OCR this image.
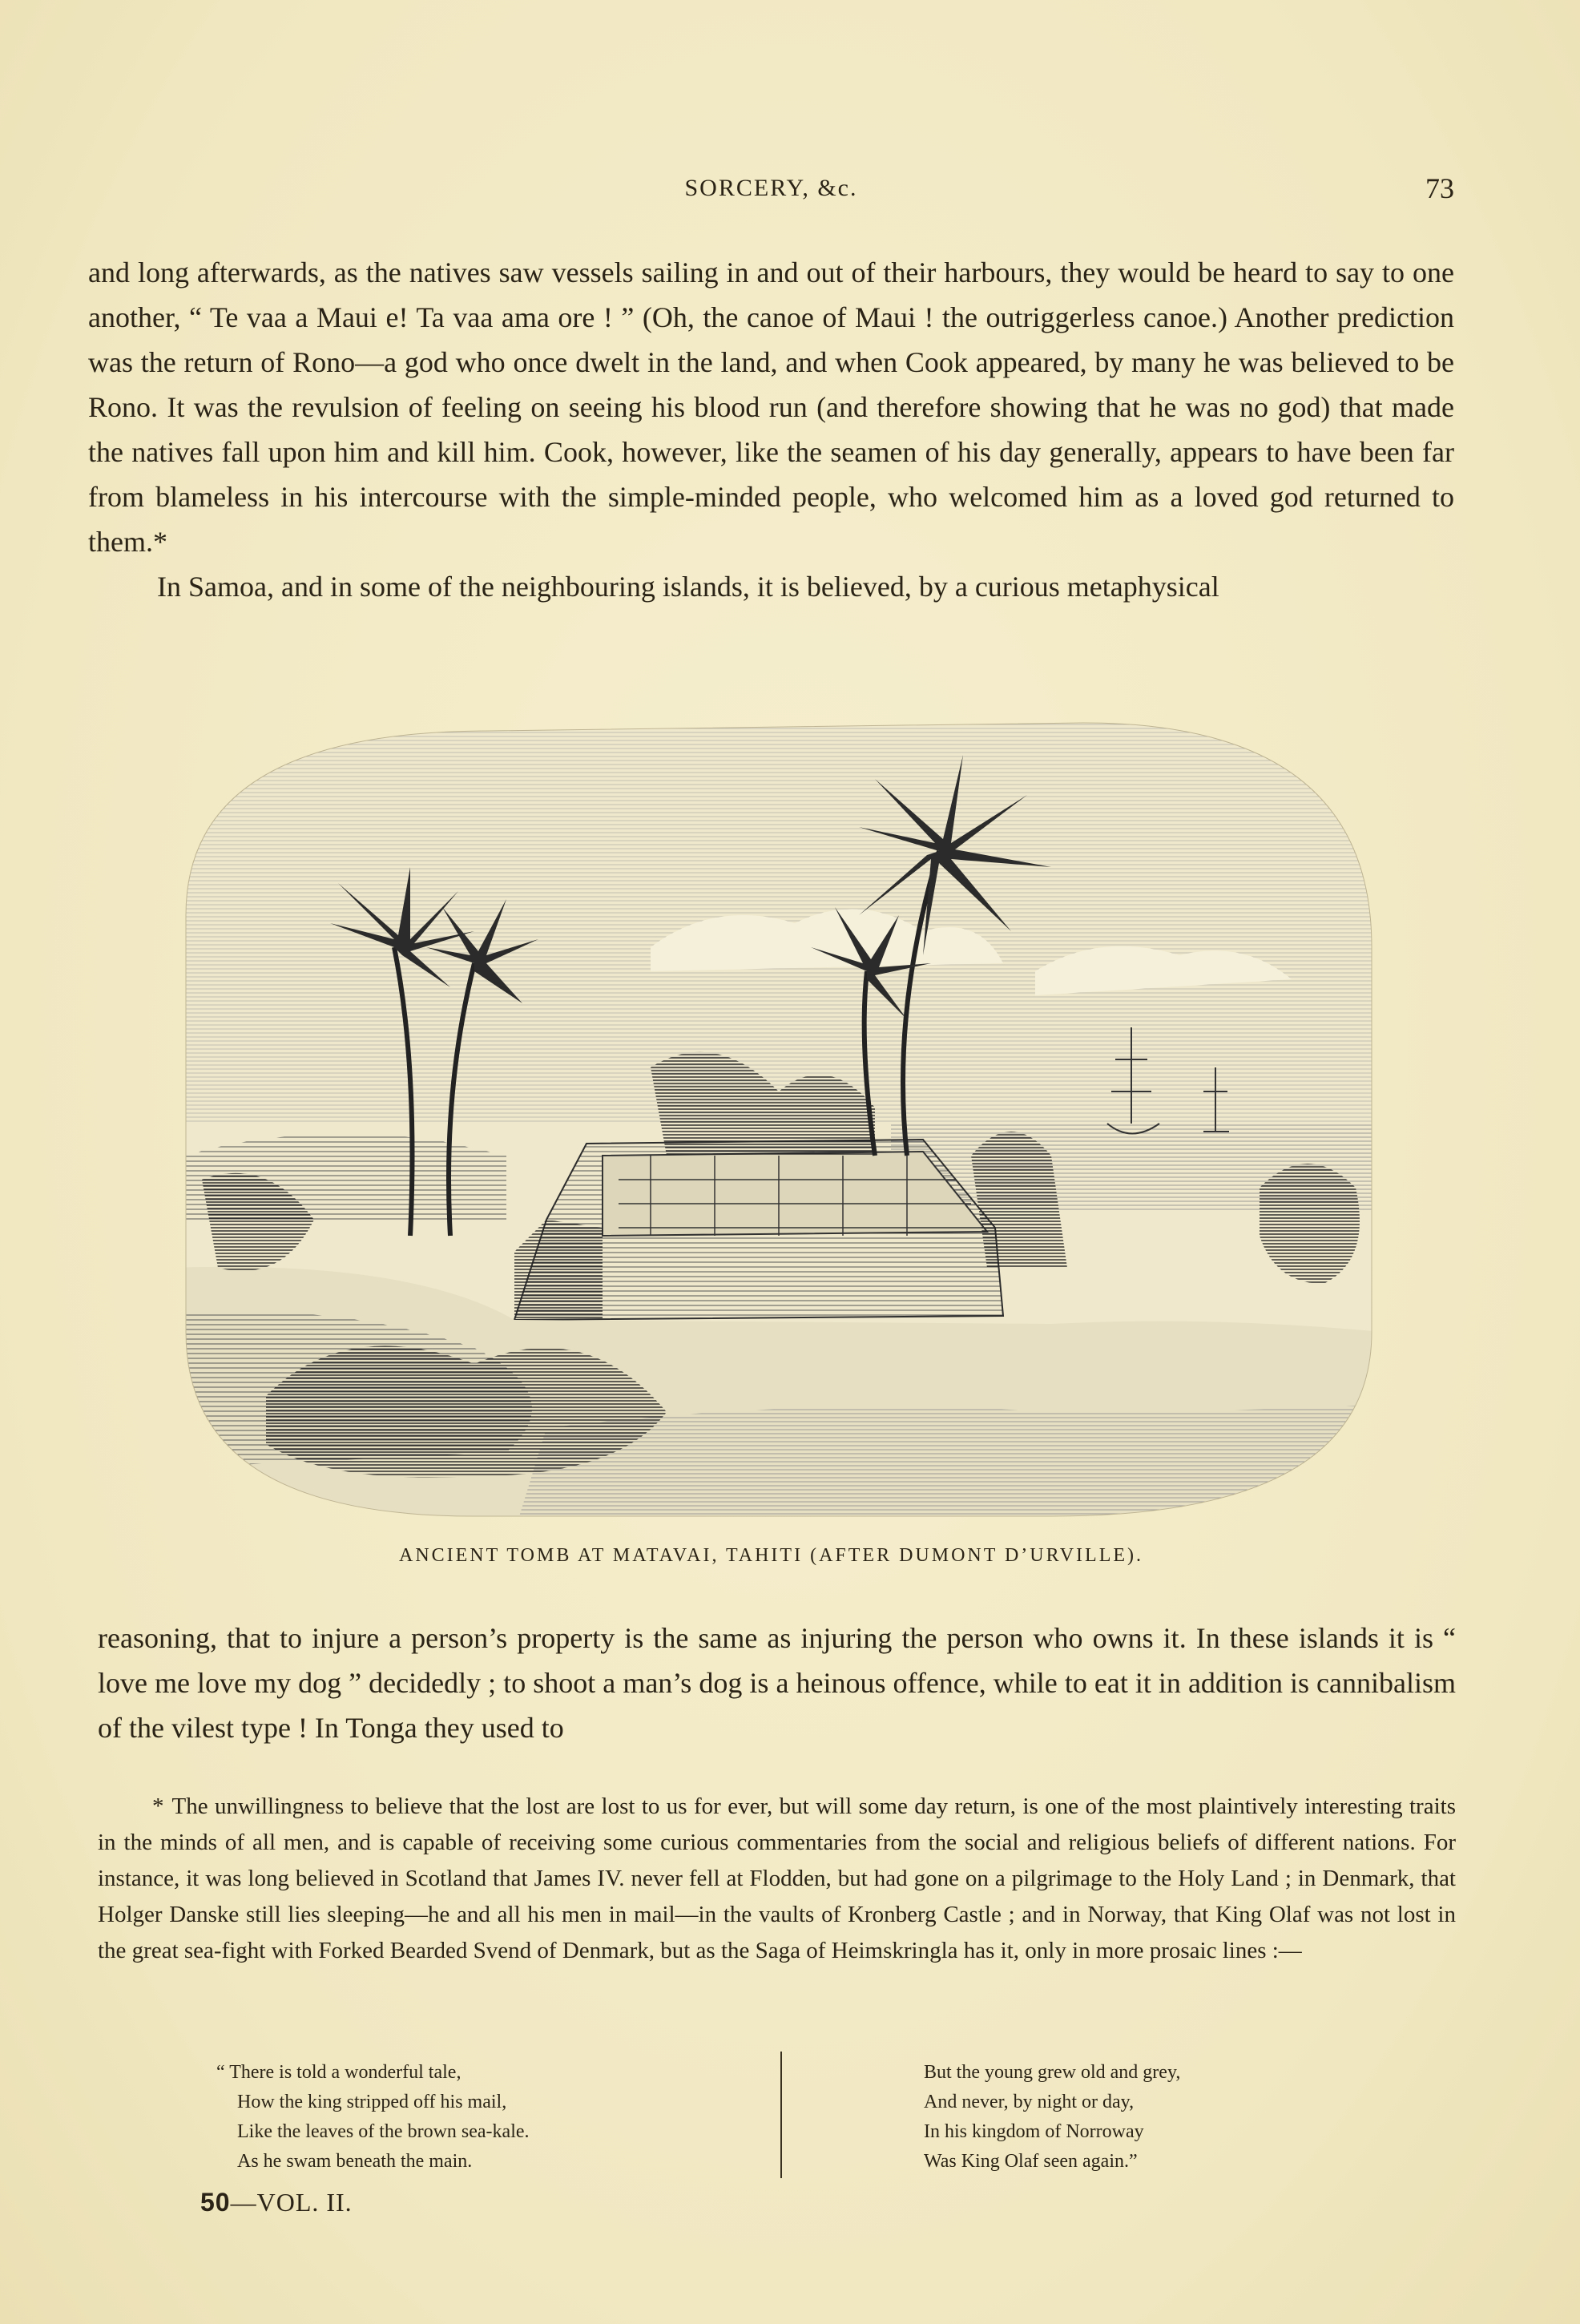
SORCERY, &c.	73
and long afterwards, as the natives saw vessels sailing in and out of their harbours, they would be heard to say to one another, “ Te vaa a Maui e! Ta vaa ama ore ! ” (Oh, the canoe of Maui ! the outriggerless canoe.) Another prediction was the return of Rono—a god who once dwelt in the land, and when Cook appeared, by many he was believed to be Rono. It was the revulsion of feeling on seeing his blood run (and therefore showing that he was no god) that made the natives fall upon him and kill him. Cook, however, like the seamen of his day generally, appears to have been far from blameless in his intercourse with the simple-minded people, who welcomed him as a loved god returned to them.*
In Samoa, and in some of the neighbouring islands, it is believed, by a curious metaphysical
ANCIENT TOMB AT MATAVAI, TAHITI (AFTER DUMONT D’URVILLE).

reasoning, that to injure a person’s property is the same as injuring the person who owns it. In these islands it is “ love me love my dog ” decidedly ; to shoot a man’s dog is a heinous offence, while to eat it in addition is cannibalism of the vilest type ! In Tonga they used to

* The unwillingness to believe that the lost are lost to us for ever, but will some day return, is one of the most plaintively interesting traits in the minds of all men, and is capable of receiving some curious commentaries from the social and religious beliefs of different nations. For instance, it was long believed in Scotland that James IV. never fell at Flodden, but had gone on a pilgrimage to the Holy Land ; in Denmark, that Holger Danske still lies sleeping—he and all his men in mail—in the vaults of Kronberg Castle ; and in Norway, that King Olaf was not lost in the great sea-fight with Forked Bearded Svend of Denmark, but as the Saga of Heimskringla has it, only in more prosaic lines :—

“ There is told a wonderful tale,
How the king stripped off his mail,
Like the leaves of the brown sea-kale.
As he swam beneath the main.
But the young grew old and grey,
And never, by night or day,
In his kingdom of Norroway
Was King Olaf seen again.”
50—VOL. II.
